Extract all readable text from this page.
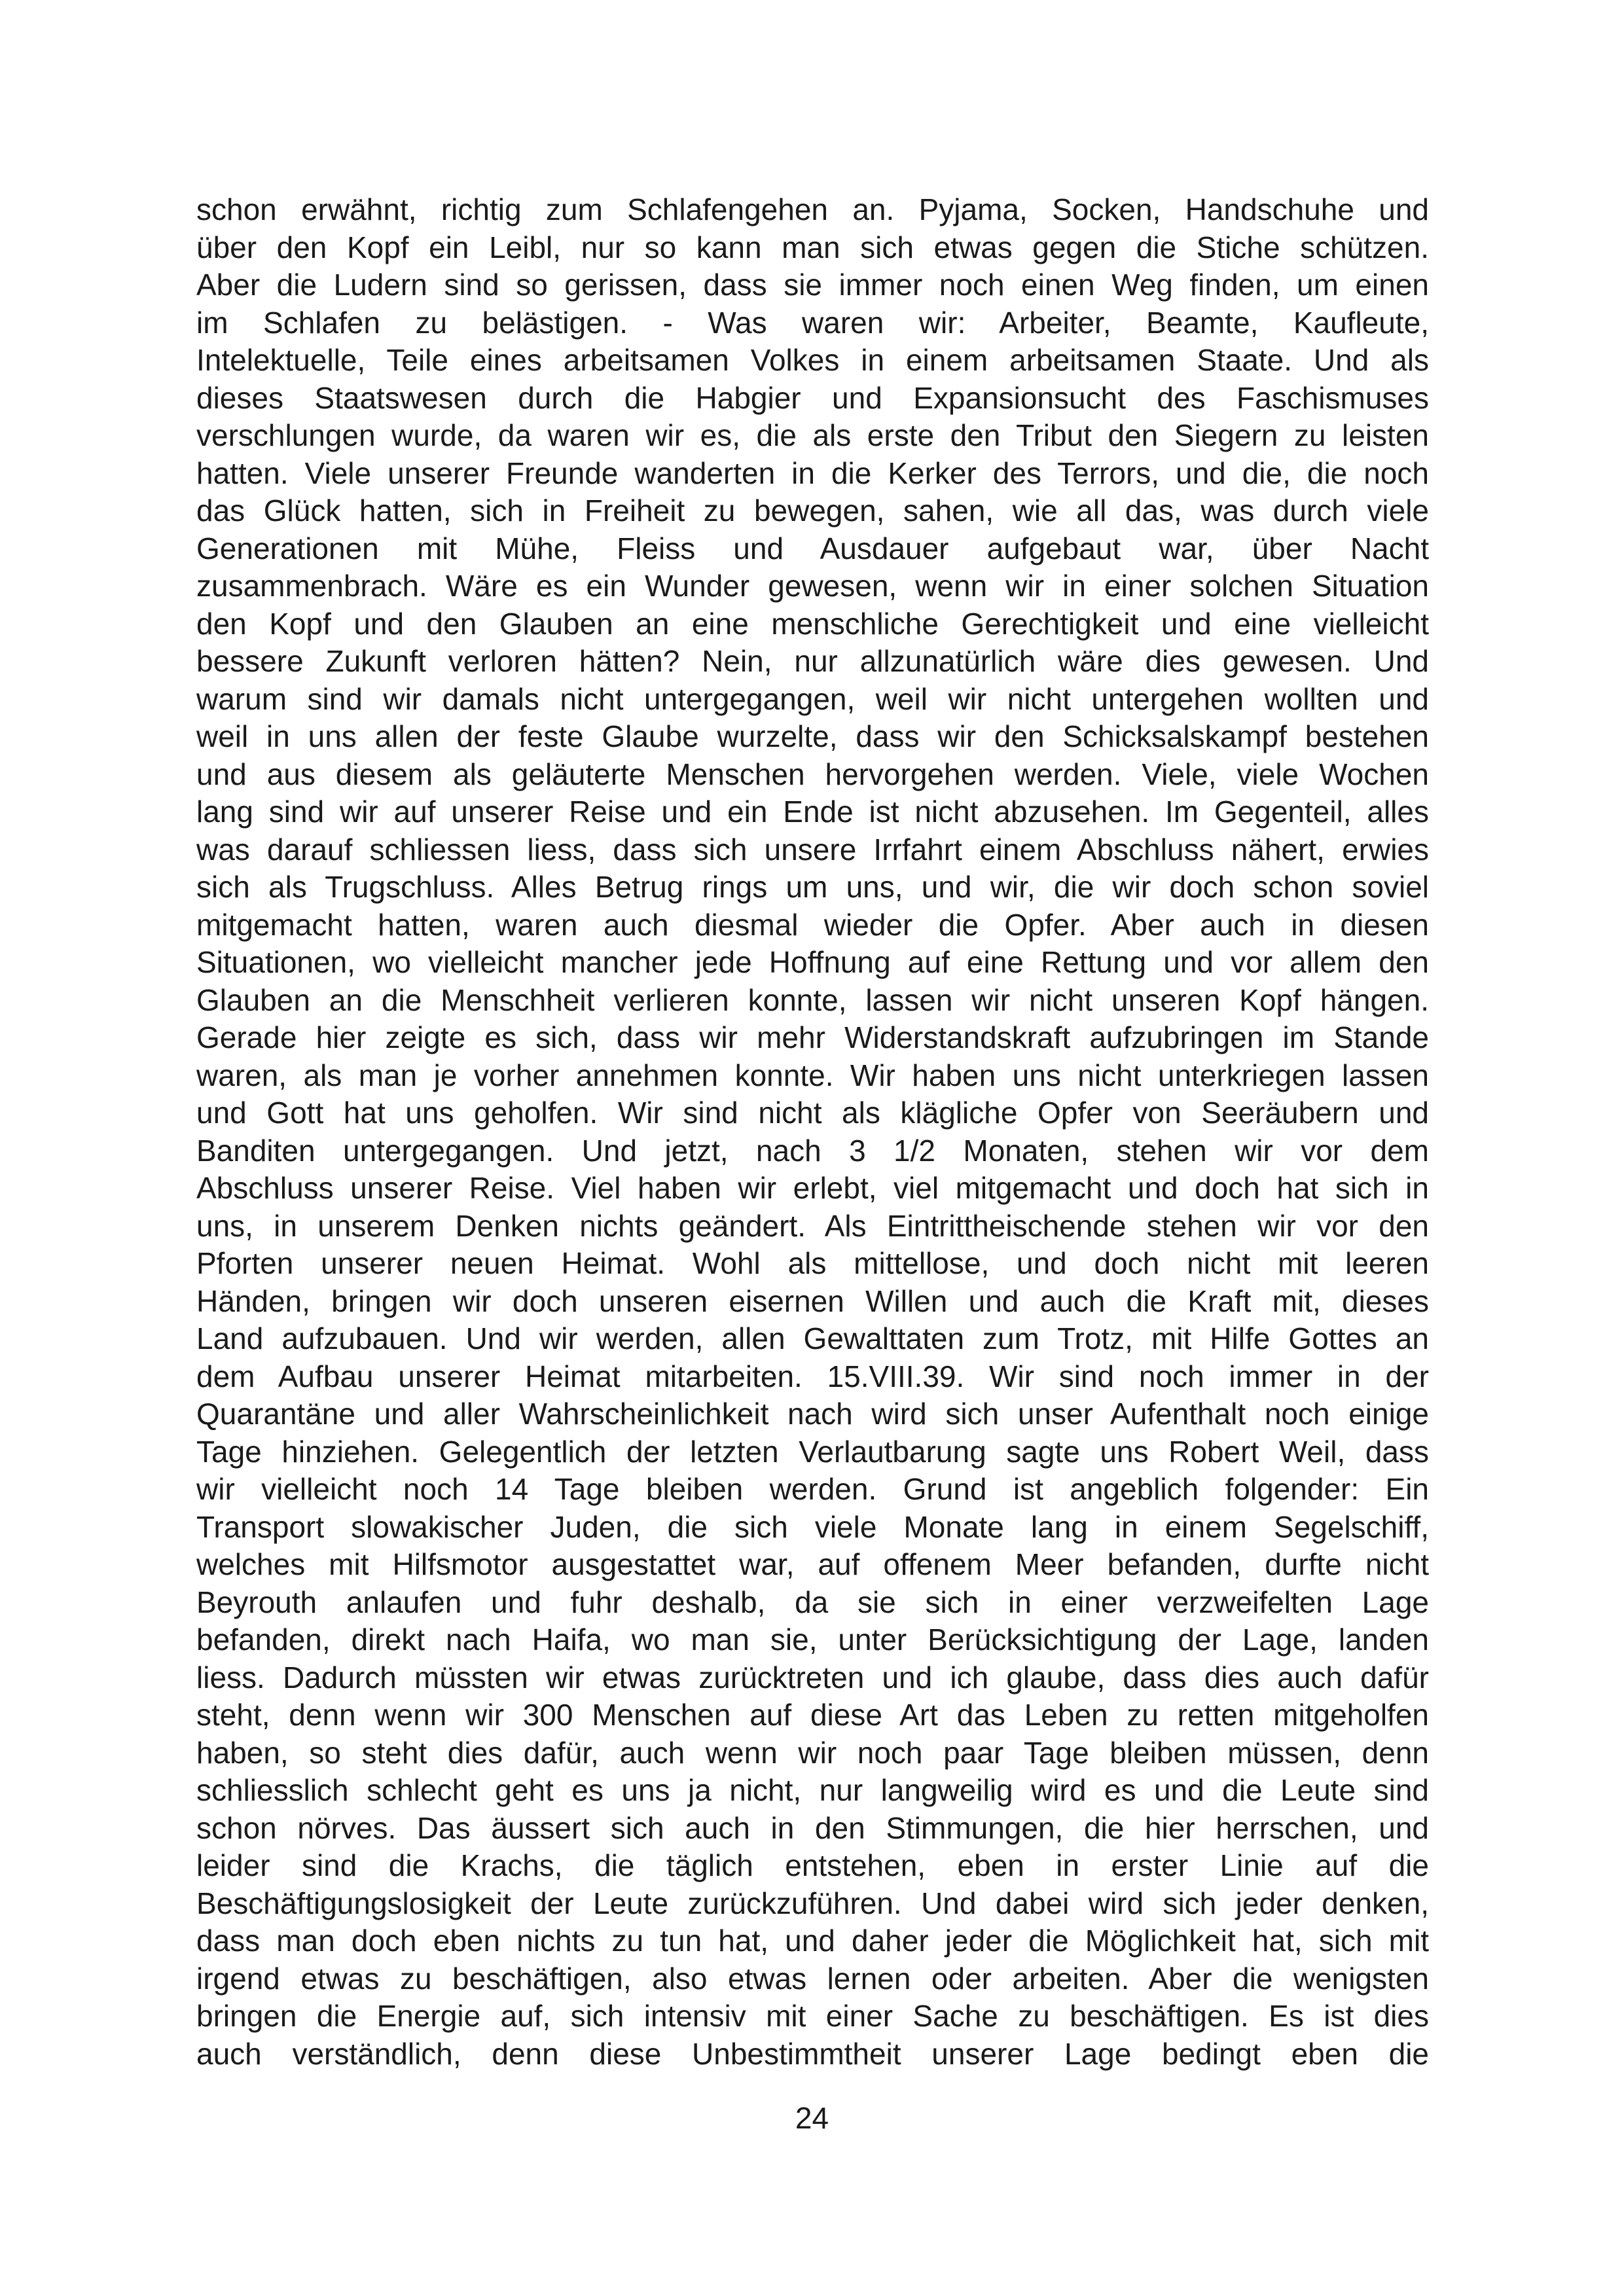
schon erwähnt, richtig zum Schlafengehen an. Pyjama, Socken, Handschuhe und
über den Kopf ein Leibl, nur so kann man sich etwas gegen die Stiche schützen.
Aber die Ludern sind so gerissen, dass sie immer noch einen Weg finden, um einen
im Schlafen zu belästigen. - Was waren wir: Arbeiter, Beamte, Kaufleute,
Intelektuelle, Teile eines arbeitsamen Volkes in einem arbeitsamen Staate. Und als
dieses Staatswesen durch die Habgier und Expansionsucht des Faschismuses
verschlungen wurde, da waren wir es, die als erste den Tribut den Siegern zu leisten
hatten. Viele unserer Freunde wanderten in die Kerker des Terrors, und die, die noch
das Glück hatten, sich in Freiheit zu bewegen, sahen, wie all das, was durch viele
Generationen mit Mühe, Fleiss und Ausdauer aufgebaut war, über Nacht
zusammenbrach. Wäre es ein Wunder gewesen, wenn wir in einer solchen Situation
den Kopf und den Glauben an eine menschliche Gerechtigkeit und eine vielleicht
bessere Zukunft verloren hätten? Nein, nur allzunatürlich wäre dies gewesen. Und
warum sind wir damals nicht untergegangen, weil wir nicht untergehen wollten und
weil in uns allen der feste Glaube wurzelte, dass wir den Schicksalskampf bestehen
und aus diesem als geläuterte Menschen hervorgehen werden. Viele, viele Wochen
lang sind wir auf unserer Reise und ein Ende ist nicht abzusehen. Im Gegenteil, alles
was darauf schliessen liess, dass sich unsere Irrfahrt einem Abschluss nähert, erwies
sich als Trugschluss. Alles Betrug rings um uns, und wir, die wir doch schon soviel
mitgemacht hatten, waren auch diesmal wieder die Opfer. Aber auch in diesen
Situationen, wo vielleicht mancher jede Hoffnung auf eine Rettung und vor allem den
Glauben an die Menschheit verlieren konnte, lassen wir nicht unseren Kopf hängen.
Gerade hier zeigte es sich, dass wir mehr Widerstandskraft aufzubringen im Stande
waren, als man je vorher annehmen konnte. Wir haben uns nicht unterkriegen lassen
und Gott hat uns geholfen. Wir sind nicht als klägliche Opfer von Seeräubern und
Banditen untergegangen. Und jetzt, nach 3 1/2 Monaten, stehen wir vor dem
Abschluss unserer Reise. Viel haben wir erlebt, viel mitgemacht und doch hat sich in
uns, in unserem Denken nichts geändert. Als Eintrittheischende stehen wir vor den
Pforten unserer neuen Heimat. Wohl als mittellose, und doch nicht mit leeren
Händen, bringen wir doch unseren eisernen Willen und auch die Kraft mit, dieses
Land aufzubauen. Und wir werden, allen Gewalttaten zum Trotz, mit Hilfe Gottes an
dem Aufbau unserer Heimat mitarbeiten. 15.VIII.39. Wir sind noch immer in der
Quarantäne und aller Wahrscheinlichkeit nach wird sich unser Aufenthalt noch einige
Tage hinziehen. Gelegentlich der letzten Verlautbarung sagte uns Robert Weil, dass
wir vielleicht noch 14 Tage bleiben werden. Grund ist angeblich folgender: Ein
Transport slowakischer Juden, die sich viele Monate lang in einem Segelschiff,
welches mit Hilfsmotor ausgestattet war, auf offenem Meer befanden, durfte nicht
Beyrouth anlaufen und fuhr deshalb, da sie sich in einer verzweifelten Lage
befanden, direkt nach Haifa, wo man sie, unter Berücksichtigung der Lage, landen
liess. Dadurch müssten wir etwas zurücktreten und ich glaube, dass dies auch dafür
steht, denn wenn wir 300 Menschen auf diese Art das Leben zu retten mitgeholfen
haben, so steht dies dafür, auch wenn wir noch paar Tage bleiben müssen, denn
schliesslich schlecht geht es uns ja nicht, nur langweilig wird es und die Leute sind
schon nörves. Das äussert sich auch in den Stimmungen, die hier herrschen, und
leider sind die Krachs, die täglich entstehen, eben in erster Linie auf die
Beschäftigungslosigkeit der Leute zurückzuführen. Und dabei wird sich jeder denken,
dass man doch eben nichts zu tun hat, und daher jeder die Möglichkeit hat, sich mit
irgend etwas zu beschäftigen, also etwas lernen oder arbeiten. Aber die wenigsten
bringen die Energie auf, sich intensiv mit einer Sache zu beschäftigen. Es ist dies
auch verständlich, denn diese Unbestimmtheit unserer Lage bedingt eben die
24
